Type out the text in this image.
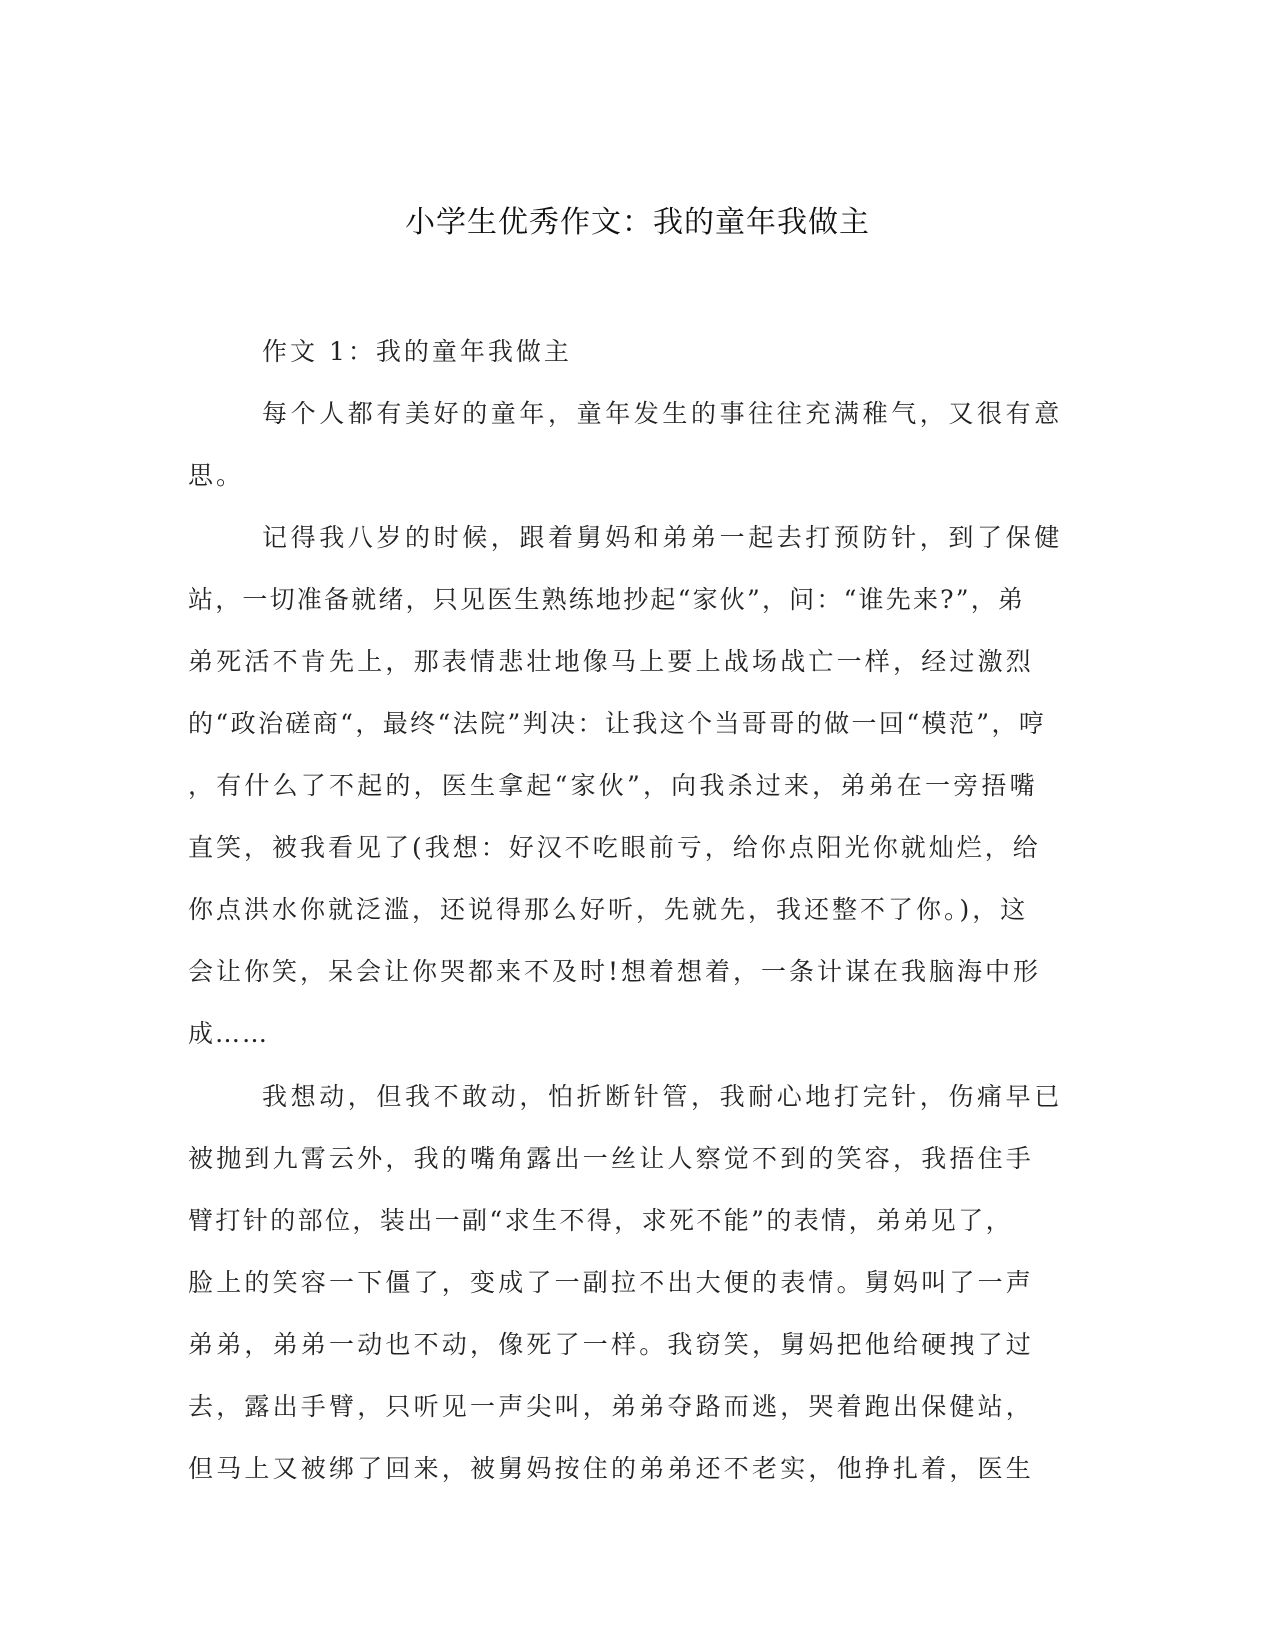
小学生优秀作文：我的童年我做主
作文 1：我的童年我做主
每个人都有美好的童年，童年发生的事往往充满稚气，又很有意
思。
记得我八岁的时候，跟着舅妈和弟弟一起去打预防针，到了保健
站，一切准备就绪，只见医生熟练地抄起“家伙”，问：“谁先来?”，弟
弟死活不肯先上，那表情悲壮地像马上要上战场战亡一样，经过激烈
的“政治磋商“，最终“法院”判决：让我这个当哥哥的做一回“模范”，哼
，有什么了不起的，医生拿起“家伙”，向我杀过来，弟弟在一旁捂嘴
直笑，被我看见了(我想：好汉不吃眼前亏，给你点阳光你就灿烂，给
你点洪水你就泛滥，还说得那么好听，先就先，我还整不了你。)，这
会让你笑，呆会让你哭都来不及时!想着想着，一条计谋在我脑海中形
成……
我想动，但我不敢动，怕折断针管，我耐心地打完针，伤痛早已
被抛到九霄云外，我的嘴角露出一丝让人察觉不到的笑容，我捂住手
臂打针的部位，装出一副“求生不得，求死不能”的表情，弟弟见了，
脸上的笑容一下僵了，变成了一副拉不出大便的表情。舅妈叫了一声
弟弟，弟弟一动也不动，像死了一样。我窃笑，舅妈把他给硬拽了过
去，露出手臂，只听见一声尖叫，弟弟夺路而逃，哭着跑出保健站，
但马上又被绑了回来，被舅妈按住的弟弟还不老实，他挣扎着，医生
